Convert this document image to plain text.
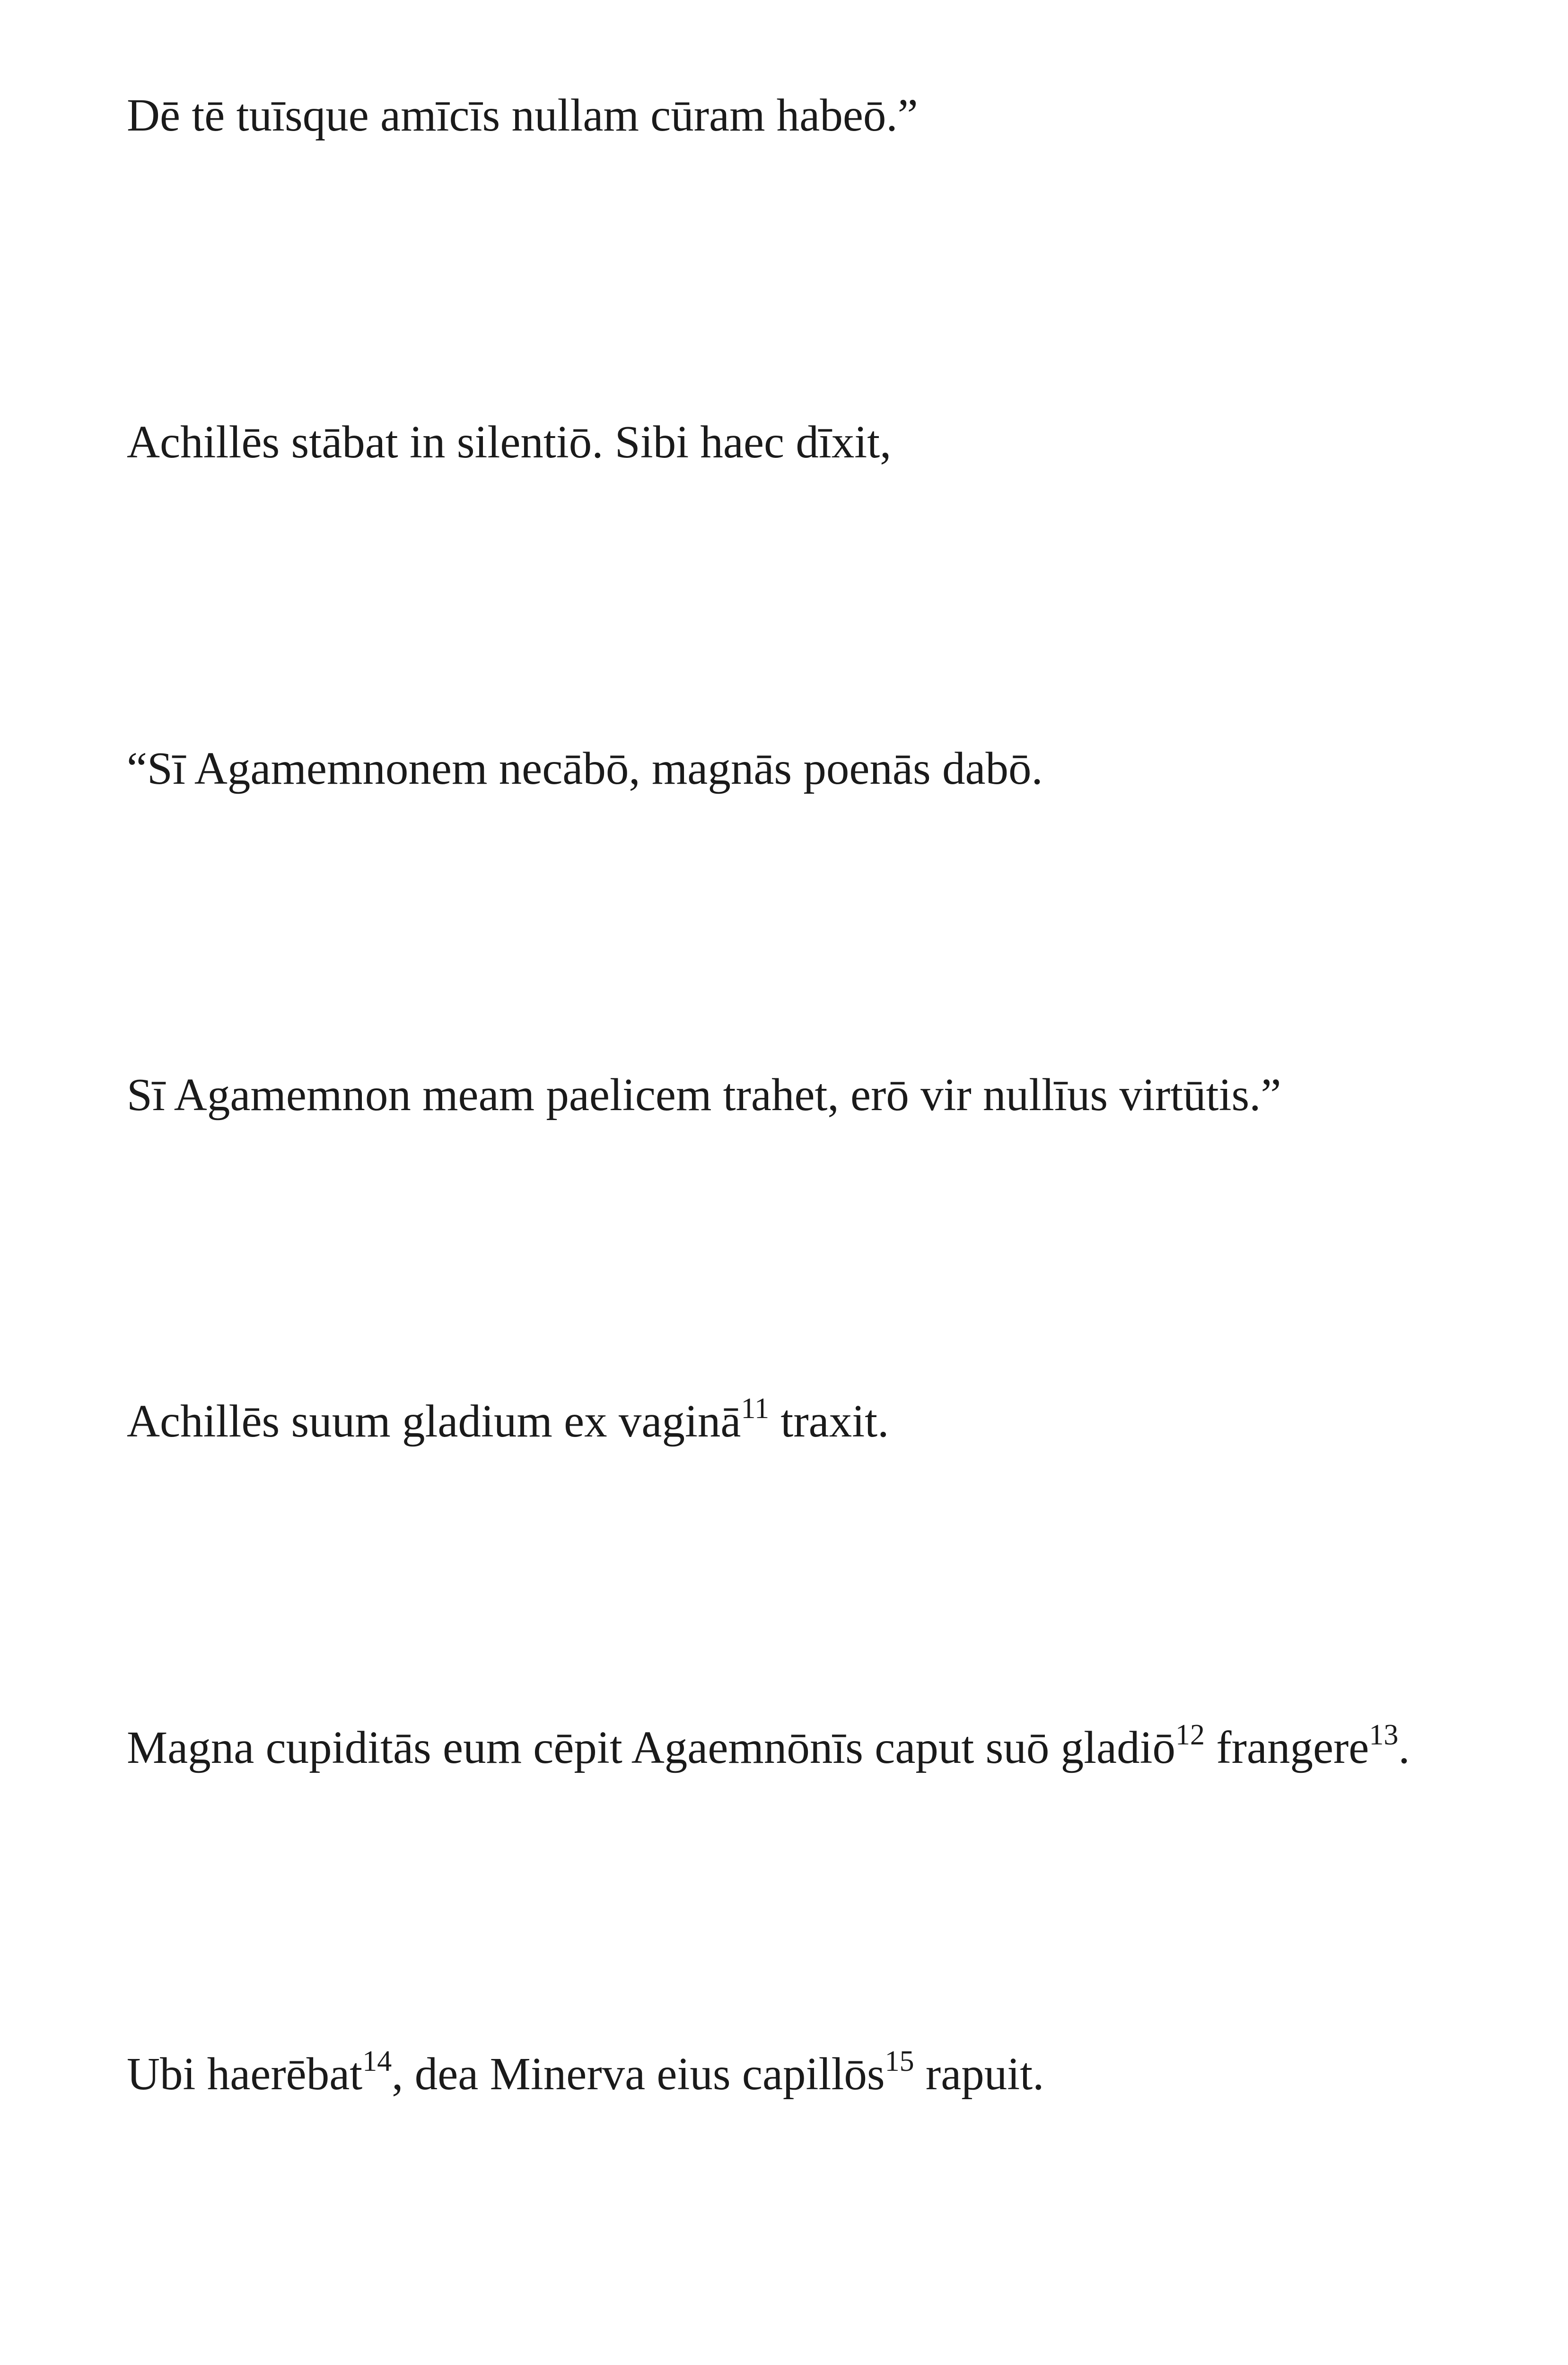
Dē tē tuīsque amīcīs nullam cūram habeō.”

Achillēs stābat in silentiō. Sibi haec dīxit,

“Sī Agamemnonem necābō, magnās poenās dabō.

Sī Agamemnon meam paelicem trahet, erō vir nullīus virtūtis.”

Achillēs suum gladium ex vaginā$^{11}$ traxit.

Magna cupiditās eum cēpit Agaemnōnīs caput suō gladiō$^{12}$ frangere$^{13}$.

Ubi haerēbat$^{14}$, dea Minerva eius capillōs$^{15}$ rapuit.
